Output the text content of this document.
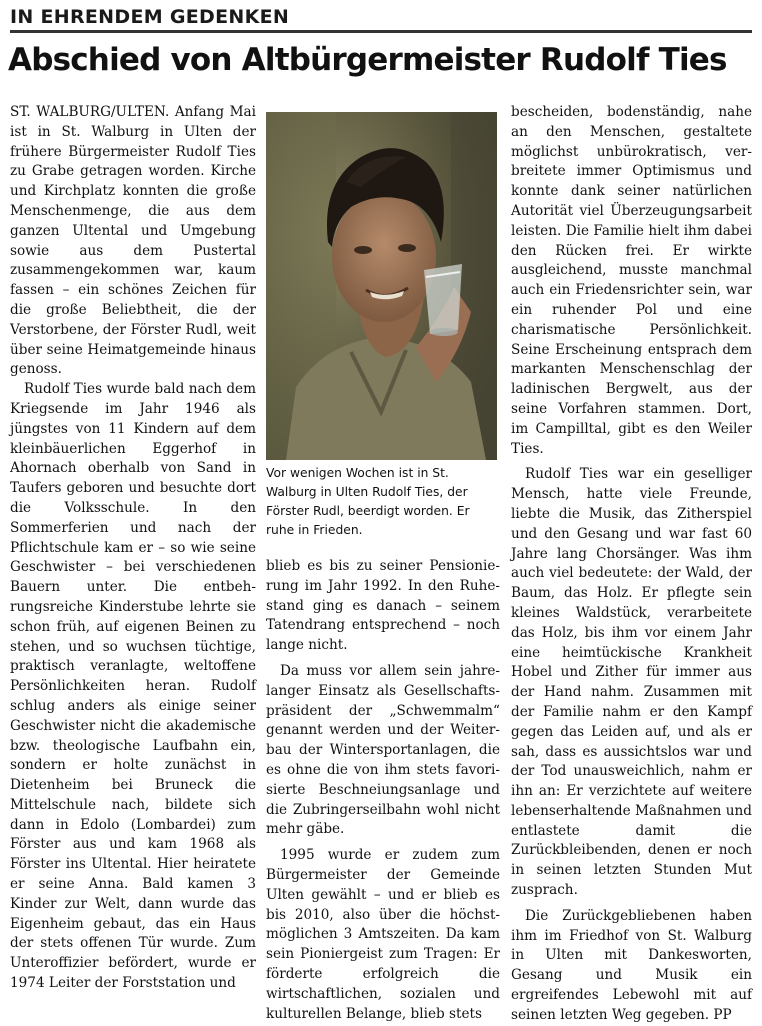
IN EHRENDEM GEDENKEN
Abschied von Altbürgermeister Rudolf Ties

ST. WALBURG/ULTEN. Anfang Mai ist in St. Walburg in Ulten der frühere Bürgermeister Rudolf Ties zu Grabe getragen worden. Kirche und Kirchplatz konnten die große Menschenmenge, die aus dem ganzen Ultental und Umgebung sowie aus dem Pustertal zusammengekommen war, kaum fassen – ein schönes Zeichen für die große Beliebtheit, die der Verstorbene, der Förster Rudl, weit über seine Heimatgemeinde hinaus genoss.

Rudolf Ties wurde bald nach dem Kriegsende im Jahr 1946 als jüngstes von 11 Kindern auf dem kleinbäuerlichen Eggerhof in Ahornach oberhalb von Sand in Taufers geboren und besuchte dort die Volksschule. In den Sommerferien und nach der Pflichtschule kam er – so wie seine Geschwister – bei verschiedenen Bauern unter. Die entbehrungsreiche Kinderstube lehrte sie schon früh, auf eigenen Beinen zu stehen, und so wuchsen tüchtige, praktisch veranlagte, weltoffene Persönlichkeiten heran. Rudolf schlug anders als einige seiner Geschwister nicht die akademische bzw. theologische Laufbahn ein, sondern er holte zunächst in Dietenheim bei Bruneck die Mittelschule nach, bildete sich dann in Edolo (Lombardei) zum Förster aus und kam 1968 als Förster ins Ultental. Hier heiratete er seine Anna. Bald kamen 3 Kinder zur Welt, dann wurde das Eigenheim gebaut, das ein Haus der stets offenen Tür wurde. Zum Unteroffizier befördert, wurde er 1974 Leiter der Forststation und

Vor wenigen Wochen ist in St. Walburg in Ulten Rudolf Ties, der Förster Rudl, beerdigt worden. Er ruhe in Frieden.

blieb es bis zu seiner Pensionierung im Jahr 1992. In den Ruhestand ging es danach – seinem Tatendrang entsprechend – noch lange nicht.

Da muss vor allem sein jahrelanger Einsatz als Gesellschaftspräsident der „Schwemmalm“ genannt werden und der Weiterbau der Wintersportanlagen, die es ohne die von ihm stets favorisierte Beschneiungsanlage und die Zubringerseilbahn wohl nicht mehr gäbe.

1995 wurde er zudem zum Bürgermeister der Gemeinde Ulten gewählt – und er blieb es bis 2010, also über die höchstmöglichen 3 Amtszeiten. Da kam sein Pioniergeist zum Tragen: Er förderte erfolgreich die wirtschaftlichen, sozialen und kulturellen Belange, blieb stets

bescheiden, bodenständig, nahe an den Menschen, gestaltete möglichst unbürokratisch, verbreitete immer Optimismus und konnte dank seiner natürlichen Autorität viel Überzeugungsarbeit leisten. Die Familie hielt ihm dabei den Rücken frei. Er wirkte ausgleichend, musste manchmal auch ein Friedensrichter sein, war ein ruhender Pol und eine charismatische Persönlichkeit. Seine Erscheinung entsprach dem markanten Menschenschlag der ladinischen Bergwelt, aus der seine Vorfahren stammen. Dort, im Campilltal, gibt es den Weiler Ties.

Rudolf Ties war ein geselliger Mensch, hatte viele Freunde, liebte die Musik, das Zitherspiel und den Gesang und war fast 60 Jahre lang Chorsänger. Was ihm auch viel bedeutete: der Wald, der Baum, das Holz. Er pflegte sein kleines Waldstück, verarbeitete das Holz, bis ihm vor einem Jahr eine heimtückische Krankheit Hobel und Zither für immer aus der Hand nahm. Zusammen mit der Familie nahm er den Kampf gegen das Leiden auf, und als er sah, dass es aussichtslos war und der Tod unausweichlich, nahm er ihn an: Er verzichtete auf weitere lebenserhaltende Maßnahmen und entlastete damit die Zurückbleibenden, denen er noch in seinen letzten Stunden Mut zusprach.

Die Zurückgebliebenen haben ihm im Friedhof von St. Walburg in Ulten mit Dankesworten, Gesang und Musik ein ergreifendes Lebewohl mit auf seinen letzten Weg gegeben. PP
